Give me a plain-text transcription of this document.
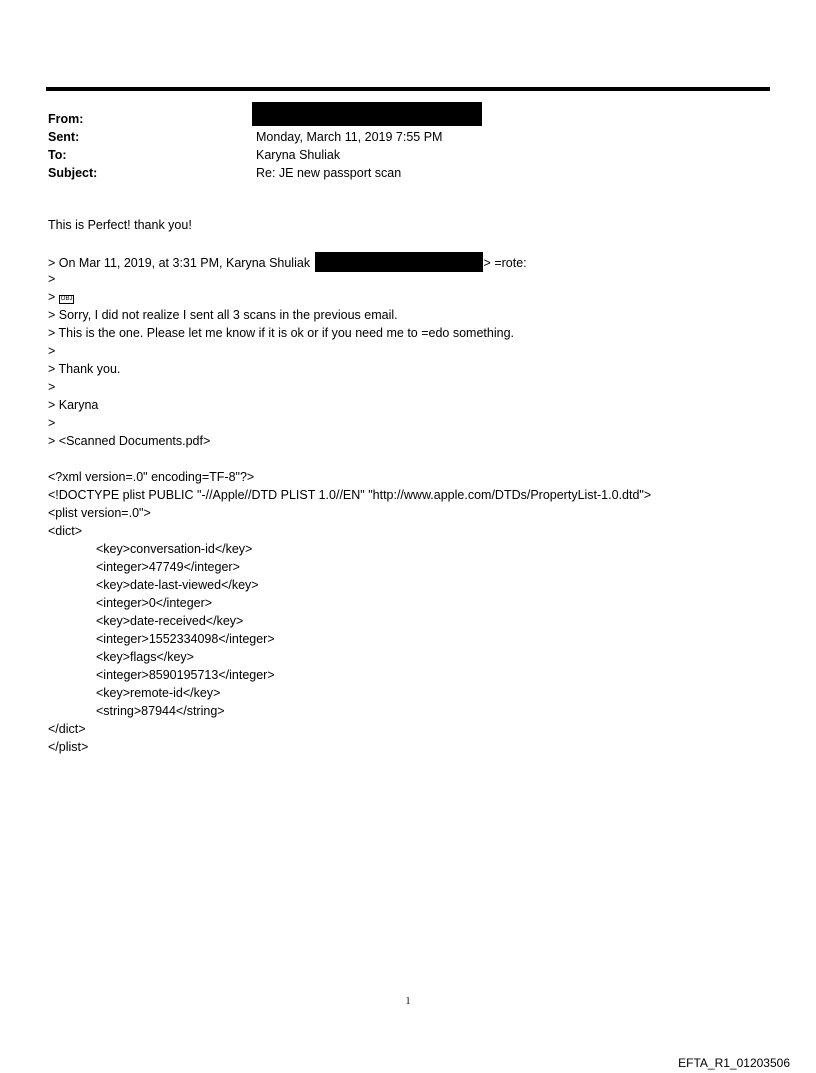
From:
Sent:	Monday, March 11, 2019 7:55 PM
To:	Karyna Shuliak
Subject:	Re: JE new passport scan
This is Perfect! thank you!
> On Mar 11, 2019, at 3:31 PM, Karyna Shuliak	> =rote:
>
> OBJ
> Sorry, I did not realize I sent all 3 scans in the previous email.
> This is the one. Please let me know if it is ok or if you need me to =edo something.
>
> Thank you.
>
> Karyna
>
> <Scanned Documents.pdf>
<?xml version=.0" encoding=TF-8"?>
<!DOCTYPE plist PUBLIC "-//Apple//DTD PLIST 1.0//EN" "http://www.apple.com/DTDs/PropertyList-1.0.dtd">
<plist version=.0">
<dict>
<key>conversation-id</key>
<integer>47749</integer>
<key>date-last-viewed</key>
<integer>0</integer>
<key>date-received</key>
<integer>1552334098</integer>
<key>flags</key>
<integer>8590195713</integer>
<key>remote-id</key>
<string>87944</string>
</dict>
</plist>
1
EFTA_R1_01203506
